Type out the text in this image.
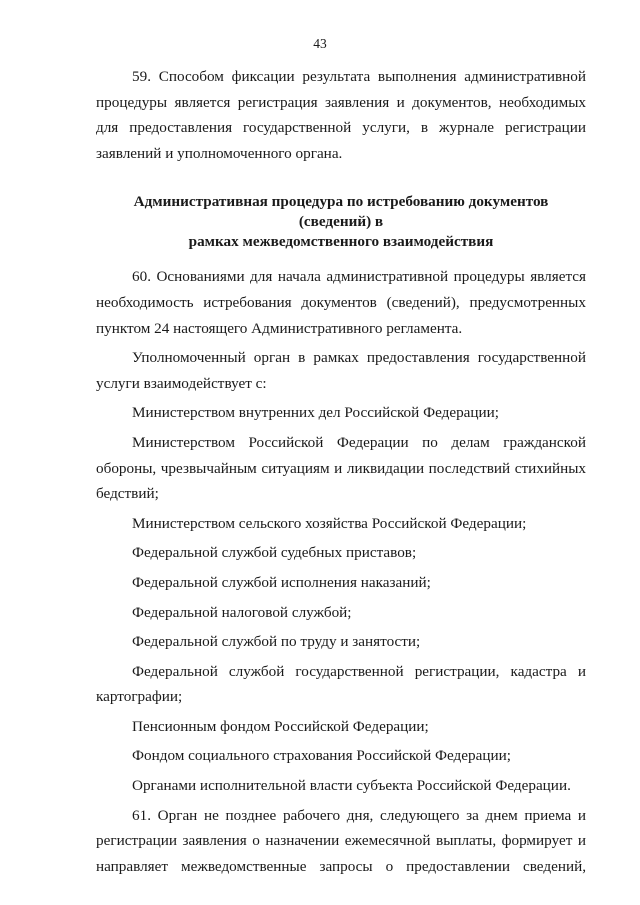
43

59. Способом фиксации результата выполнения административной процедуры является регистрация заявления и документов, необходимых для предоставления государственной услуги, в журнале регистрации заявлений и уполномоченного органа.

Административная процедура по истребованию документов (сведений) в
рамках межведомственного взаимодействия

60. Основаниями для начала административной процедуры является необходимость истребования документов (сведений), предусмотренных пунктом 24 настоящего Административного регламента.

Уполномоченный орган в рамках предоставления государственной услуги взаимодействует с:

Министерством внутренних дел Российской Федерации;

Министерством Российской Федерации по делам гражданской обороны, чрезвычайным ситуациям и ликвидации последствий стихийных бедствий;

Министерством сельского хозяйства Российской Федерации;

Федеральной службой судебных приставов;

Федеральной службой исполнения наказаний;

Федеральной налоговой службой;

Федеральной службой по труду и занятости;

Федеральной службой государственной регистрации, кадастра и картографии;

Пенсионным фондом Российской Федерации;

Фондом социального страхования Российской Федерации;

Органами исполнительной власти субъекта Российской Федерации.

61. Орган не позднее рабочего дня, следующего за днем приема и регистрации заявления о назначении ежемесячной выплаты, формирует и направляет межведомственные запросы о предоставлении сведений,
